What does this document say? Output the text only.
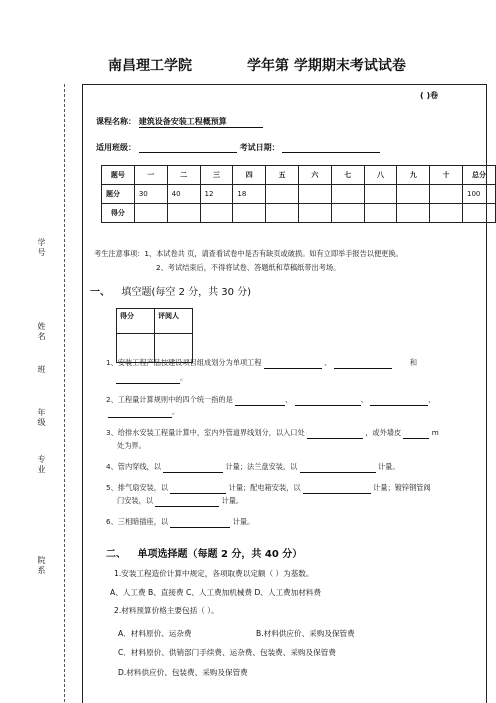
南昌理工学院	学年第 学期期末考试试卷
学号
姓名
班
年级
专业
院系
( )卷
课程名称： 建筑设备安装工程概预算
适用班级：	考试日期：
题号	一	二	三	四	五	六	七	八	九	十	总分
题分	30	40	12	18							100
得分											
考生注意事项：1、本试卷共 页，请查看试卷中是否有缺页或破损。如有立即举手报告以便更换。
2、考试结束后，不得将试卷、答题纸和草稿纸带出考场。
一、 填空题(每空 2 分，共 30 分)
得分	评阅人

1、安装工程产品按建设项目组成划分为单项工程	、	和
。
2、工程量计算规则中的四个统一指的是	、	、	、
。
3、给排水安装工程量计算中，室内外管道界线划分，以入口处	，或外墙皮	m
处为界。
4、管内穿线，以	计量；法兰盘安装，以	计量。
5、排气扇安装，以	计量；配电箱安装，以	计量；镀锌钢管阀
门安装，以	计量。
6、三相暗插座，以	计量。
二、 单项选择题（每题 2 分，共 40 分）
1.安装工程造价计算中规定，各项取费以定额（ ）为基数。
A、人工费 B、直接费 C、人工费加机械费 D、人工费加材料费
2.材料预算价格主要包括（ ）。
A．材料原价、运杂费	B.材料供应价、采购及保管费
C．材料原价、供销部门手续费、运杂费、包装费、采购及保管费
D.材料供应价、包装费、采购及保管费
